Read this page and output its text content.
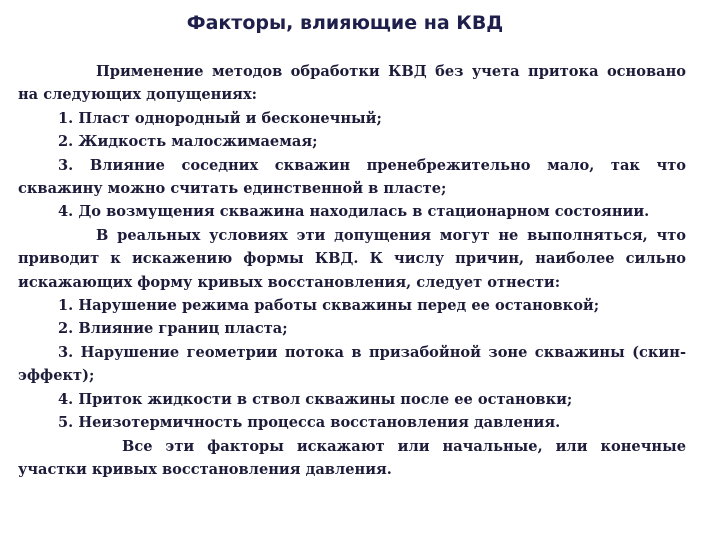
Факторы, влияющие на КВД

Применение методов обработки КВД без учета притока основано на следующих допущениях:

1. Пласт однородный и бесконечный;

2. Жидкость малосжимаемая;

3. Влияние соседних скважин пренебрежительно мало, так что скважину можно считать единственной в пласте;

4. До возмущения скважина находилась в стационарном состоянии.

В реальных условиях эти допущения могут не выполняться, что приводит к искажению формы КВД. К числу причин, наиболее сильно искажающих форму кривых восстановления, следует отнести:

1. Нарушение режима работы скважины перед ее остановкой;

2. Влияние границ пласта;

3. Нарушение геометрии потока в призабойной зоне скважины (скин-эффект);

4. Приток жидкости в ствол скважины после ее остановки;

5. Неизотермичность процесса восстановления давления.

Все эти факторы искажают или начальные, или конечные участки кривых восстановления давления.
